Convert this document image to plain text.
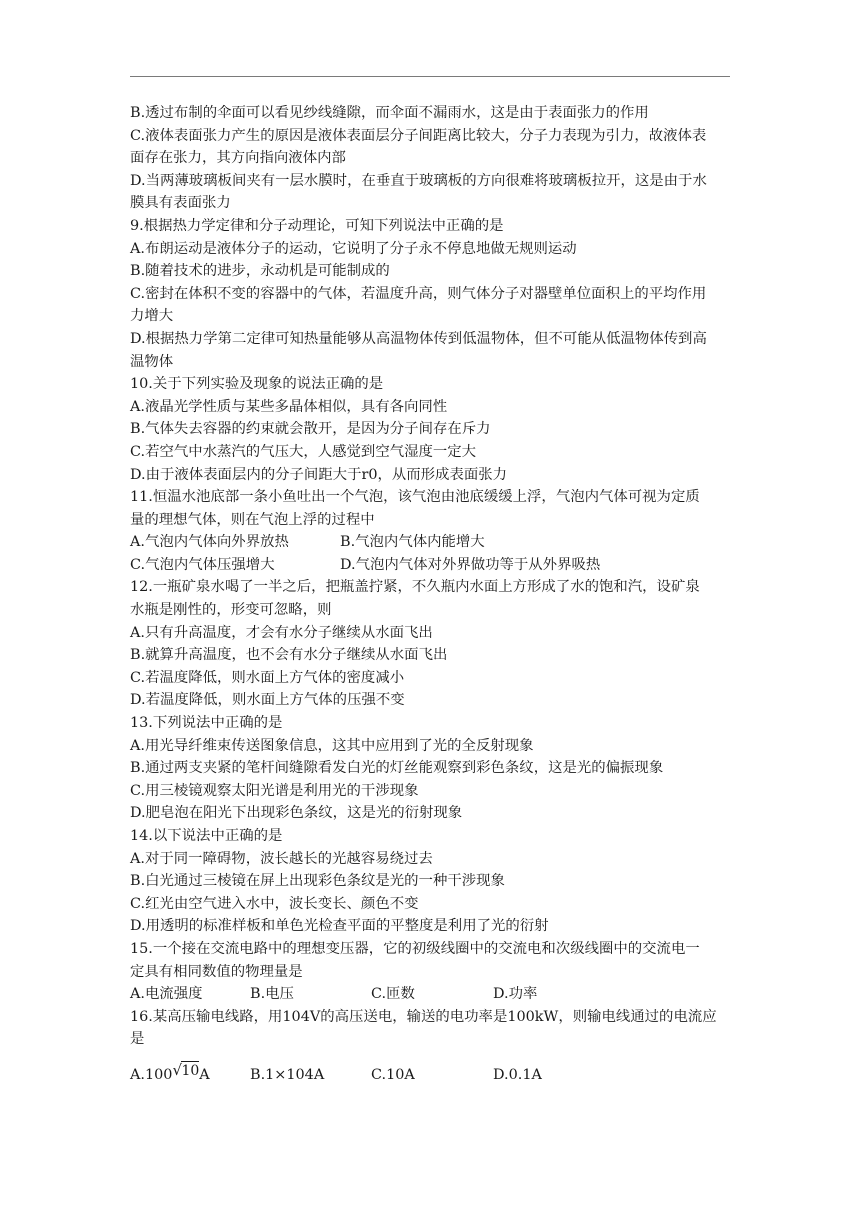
B.透过布制的伞面可以看见纱线缝隙，而伞面不漏雨水，这是由于表面张力的作用
C.液体表面张力产生的原因是液体表面层分子间距离比较大，分子力表现为引力，故液体表
面存在张力，其方向指向液体内部
D.当两薄玻璃板间夹有一层水膜时，在垂直于玻璃板的方向很难将玻璃板拉开，这是由于水
膜具有表面张力
9.根据热力学定律和分子动理论，可知下列说法中正确的是
A.布朗运动是液体分子的运动，它说明了分子永不停息地做无规则运动
B.随着技术的进步，永动机是可能制成的
C.密封在体积不变的容器中的气体，若温度升高，则气体分子对器壁单位面积上的平均作用
力增大
D.根据热力学第二定律可知热量能够从高温物体传到低温物体，但不可能从低温物体传到高
温物体
10.关于下列实验及现象的说法正确的是
A.液晶光学性质与某些多晶体相似，具有各向同性
B.气体失去容器的约束就会散开，是因为分子间存在斥力
C.若空气中水蒸汽的气压大，人感觉到空气湿度一定大
D.由于液体表面层内的分子间距大于r0，从而形成表面张力
11.恒温水池底部一条小鱼吐出一个气泡，该气泡由池底缓缓上浮，气泡内气体可视为定质
量的理想气体，则在气泡上浮的过程中
A.气泡内气体向外界放热	B.气泡内气体内能增大
C.气泡内气体压强增大	D.气泡内气体对外界做功等于从外界吸热
12.一瓶矿泉水喝了一半之后，把瓶盖拧紧，不久瓶内水面上方形成了水的饱和汽，设矿泉
水瓶是刚性的，形变可忽略，则
A.只有升高温度，才会有水分子继续从水面飞出
B.就算升高温度，也不会有水分子继续从水面飞出
C.若温度降低，则水面上方气体的密度减小
D.若温度降低，则水面上方气体的压强不变
13.下列说法中正确的是
A.用光导纤维束传送图象信息，这其中应用到了光的全反射现象
B.通过两支夹紧的笔杆间缝隙看发白光的灯丝能观察到彩色条纹，这是光的偏振现象
C.用三棱镜观察太阳光谱是利用光的干涉现象
D.肥皂泡在阳光下出现彩色条纹，这是光的衍射现象
14.以下说法中正确的是
A.对于同一障碍物，波长越长的光越容易绕过去
B.白光通过三棱镜在屏上出现彩色条纹是光的一种干涉现象
C.红光由空气进入水中，波长变长、颜色不变
D.用透明的标准样板和单色光检查平面的平整度是利用了光的衍射
15.一个接在交流电路中的理想变压器，它的初级线圈中的交流电和次级线圈中的交流电一
定具有相同数值的物理量是
A.电流强度	B.电压	C.匝数	D.功率
16.某高压输电线路，用104V的高压送电，输送的电功率是100kW，则输电线通过的电流应
是
A.100 √ 10A	B.1×104A	C.10A	D.0.1A
